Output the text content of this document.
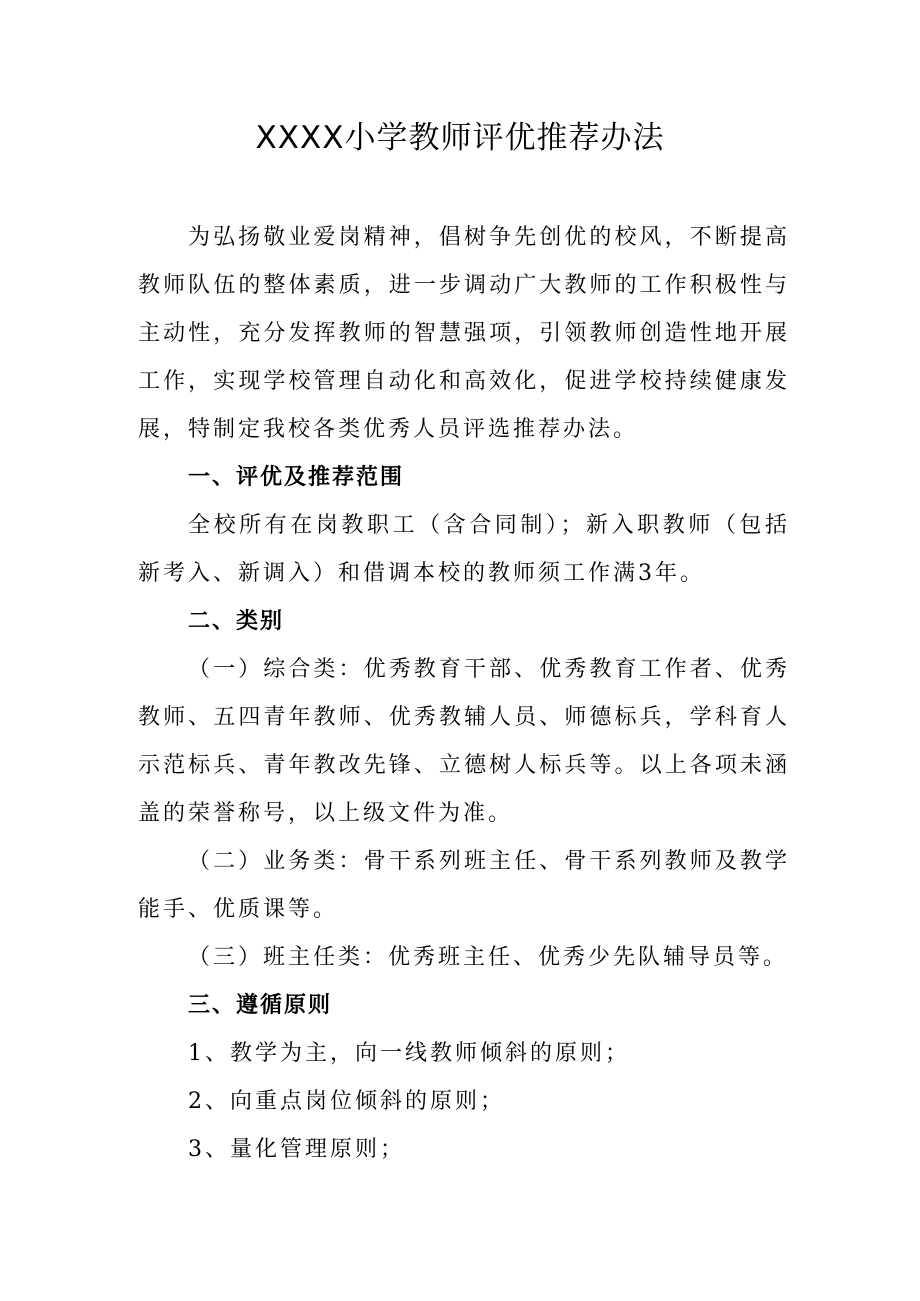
XXXX小学教师评优推荐办法

为弘扬敬业爱岗精神，倡树争先创优的校风，不断提高教师队伍的整体素质，进一步调动广大教师的工作积极性与主动性，充分发挥教师的智慧强项，引领教师创造性地开展工作，实现学校管理自动化和高效化，促进学校持续健康发展，特制定我校各类优秀人员评选推荐办法。

一、评优及推荐范围

全校所有在岗教职工（含合同制）；新入职教师（包括新考入、新调入）和借调本校的教师须工作满3年。

二、类别

（一）综合类：优秀教育干部、优秀教育工作者、优秀教师、五四青年教师、优秀教辅人员、师德标兵，学科育人示范标兵、青年教改先锋、立德树人标兵等。以上各项未涵盖的荣誉称号，以上级文件为准。

（二）业务类：骨干系列班主任、骨干系列教师及教学能手、优质课等。

（三）班主任类：优秀班主任、优秀少先队辅导员等。

三、遵循原则

1、教学为主，向一线教师倾斜的原则；

2、向重点岗位倾斜的原则；

3、量化管理原则；
